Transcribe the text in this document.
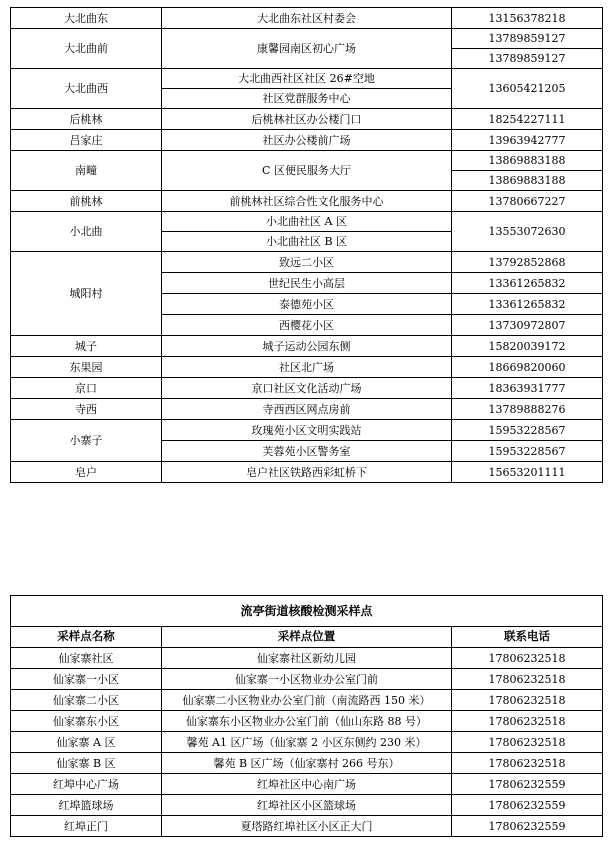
大北曲东	大北曲东社区村委会	13156378218
大北曲前	康馨园南区初心广场	13789859127
		13789859127
大北曲西	大北曲西社区社区 26#空地	13605421205
	社区党群服务中心	
后桃林	后桃林社区办公楼门口	18254227111
吕家庄	社区办公楼前广场	13963942777
南疃	C 区便民服务大厅	13869883188
		13869883188
前桃林	前桃林社区综合性文化服务中心	13780667227
小北曲	小北曲社区 A 区	13553072630
	小北曲社区 B 区	
城阳村	致远二小区	13792852868
	世纪民生小高层	13361265832
	泰德苑小区	13361265832
	西樱花小区	13730972807
城子	城子运动公园东侧	15820039172
东果园	社区北广场	18669820060
京口	京口社区文化活动广场	18363931777
寺西	寺西西区网点房前	13789888276
小寨子	玫瑰苑小区文明实践站	15953228567
	芙蓉苑小区警务室	15953228567
皂户	皂户社区铁路西彩虹桥下	15653201111
流亭街道核酸检测采样点		
采样点名称	采样点位置	联系电话
仙家寨社区	仙家寨社区新幼儿园	17806232518
仙家寨一小区	仙家寨一小区物业办公室门前	17806232518
仙家寨二小区	仙家寨二小区物业办公室门前（南流路西 150 米）	17806232518
仙家寨东小区	仙家寨东小区物业办公室门前（仙山东路 88 号）	17806232518
仙家寨 A 区	馨苑 A1 区广场（仙家寨 2 小区东侧约 230 米）	17806232518
仙家寨 B 区	馨苑 B 区广场（仙家寨村 266 号东）	17806232518
红埠中心广场	红埠社区中心南广场	17806232559
红埠篮球场	红埠社区小区篮球场	17806232559
红埠正门	夏塔路红埠社区小区正大门	17806232559
